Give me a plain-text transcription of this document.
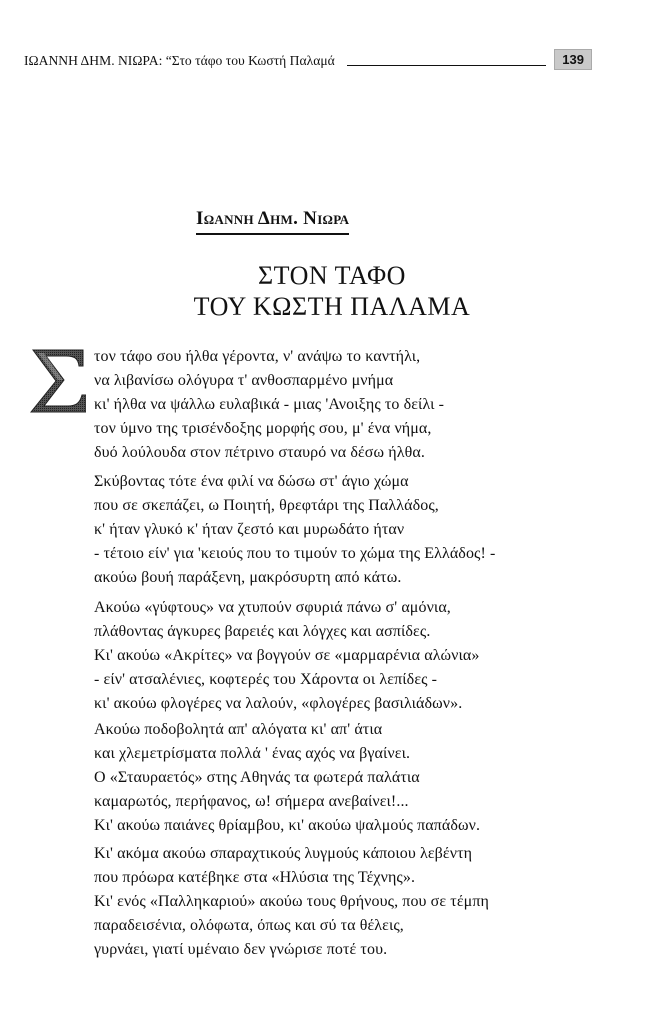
ΙΩΑΝΝΗ ΔΗΜ. ΝΙΩΡΑ: “Στο τάφο του Κωστή Παλαμά	139
Ιωαννη Δημ. Νιωρα
ΣΤΟΝ ΤΑΦΟ
ΤΟΥ ΚΩΣΤΗ ΠΑΛΑΜΑ
τον τάφο σου ήλθα γέροντα, ν' ανάψω το καντήλι,
να λιβανίσω ολόγυρα τ' ανθοσπαρμένο μνήμα
κι' ήλθα να ψάλλω ευλαβικά - μιας 'Ανοιξης το δείλι -
τον ύμνο της τρισένδοξης μορφής σου, μ' ένα νήμα,
δυό λούλουδα στον πέτρινο σταυρό να δέσω ήλθα.
Σκύβοντας τότε ένα φιλί να δώσω στ' άγιο χώμα
που σε σκεπάζει, ω Ποιητή, θρεφτάρι της Παλλάδος,
κ' ήταν γλυκό κ' ήταν ζεστό και μυρωδάτο ήταν
- τέτοιο είν' για 'κειούς που το τιμούν το χώμα της Ελλάδος! -
ακούω βουή παράξενη, μακρόσυρτη από κάτω.
Ακούω «γύφτους» να χτυπούν σφυριά πάνω σ' αμόνια,
πλάθοντας άγκυρες βαρειές και λόγχες και ασπίδες.
Κι' ακούω «Ακρίτες» να βογγούν σε «μαρμαρένια αλώνια»
- είν' ατσαλένιες, κοφτερές του Χάροντα οι λεπίδες -
κι' ακούω φλογέρες να λαλούν, «φλογέρες βασιλιάδων».
Ακούω ποδοβολητά απ' αλόγατα κι' απ' άτια
και χλεμετρίσματα πολλά ' ένας αχός να βγαίνει.
Ο «Σταυραετός» στης Αθηνάς τα φωτερά παλάτια
καμαρωτός, περήφανος, ω! σήμερα ανεβαίνει!...
Κι' ακούω παιάνες θρίαμβου, κι' ακούω ψαλμούς παπάδων.
Κι' ακόμα ακούω σπαραχτικούς λυγμούς κάποιου λεβέντη
που πρόωρα κατέβηκε στα «Ηλύσια της Τέχνης».
Κι' ενός «Παλληκαριού» ακούω τους θρήνους, που σε τέμπη
παραδεισένια, ολόφωτα, όπως και σύ τα θέλεις,
γυρνάει, γιατί υμέναιο δεν γνώρισε ποτέ του.
